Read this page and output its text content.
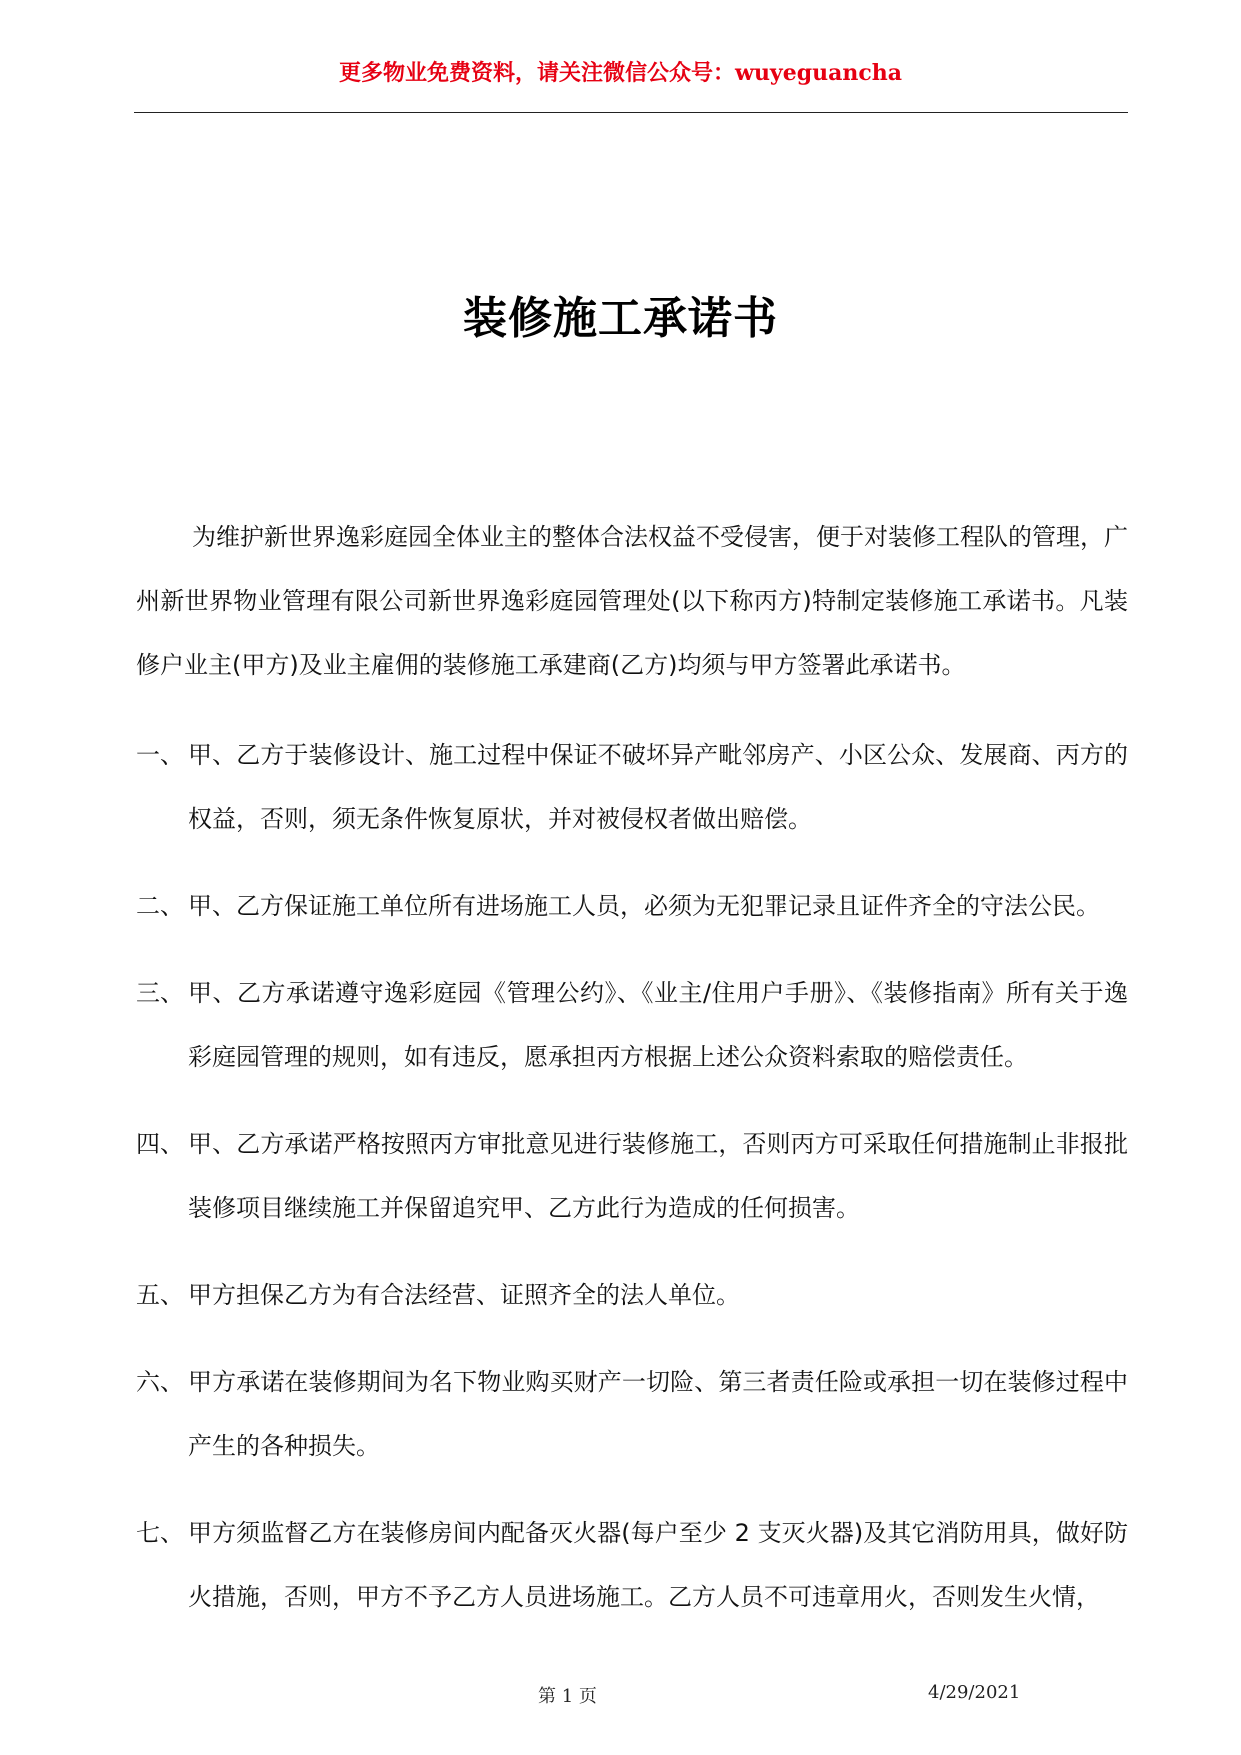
更多物业免费资料，请关注微信公众号：wuyeguancha
装修施工承诺书

为维护新世界逸彩庭园全体业主的整体合法权益不受侵害，便于对装修工程队的管理，广州新世界物业管理有限公司新世界逸彩庭园管理处(以下称丙方)特制定装修施工承诺书。凡装修户业主(甲方)及业主雇佣的装修施工承建商(乙方)均须与甲方签署此承诺书。

一、 甲、乙方于装修设计、施工过程中保证不破坏异产毗邻房产、小区公众、发展商、丙方的权益，否则，须无条件恢复原状，并对被侵权者做出赔偿。
二、 甲、乙方保证施工单位所有进场施工人员，必须为无犯罪记录且证件齐全的守法公民。
三、 甲、乙方承诺遵守逸彩庭园《管理公约》、《业主/住用户手册》、《装修指南》所有关于逸彩庭园管理的规则，如有违反，愿承担丙方根据上述公众资料索取的赔偿责任。
四、 甲、乙方承诺严格按照丙方审批意见进行装修施工，否则丙方可采取任何措施制止非报批装修项目继续施工并保留追究甲、乙方此行为造成的任何损害。
五、 甲方担保乙方为有合法经营、证照齐全的法人单位。
六、 甲方承诺在装修期间为名下物业购买财产一切险、第三者责任险或承担一切在装修过程中产生的各种损失。
七、 甲方须监督乙方在装修房间内配备灭火器(每户至少 2 支灭火器)及其它消防用具，做好防火措施，否则，甲方不予乙方人员进场施工。乙方人员不可违章用火，否则发生火情，
第 1 页	4/29/2021
